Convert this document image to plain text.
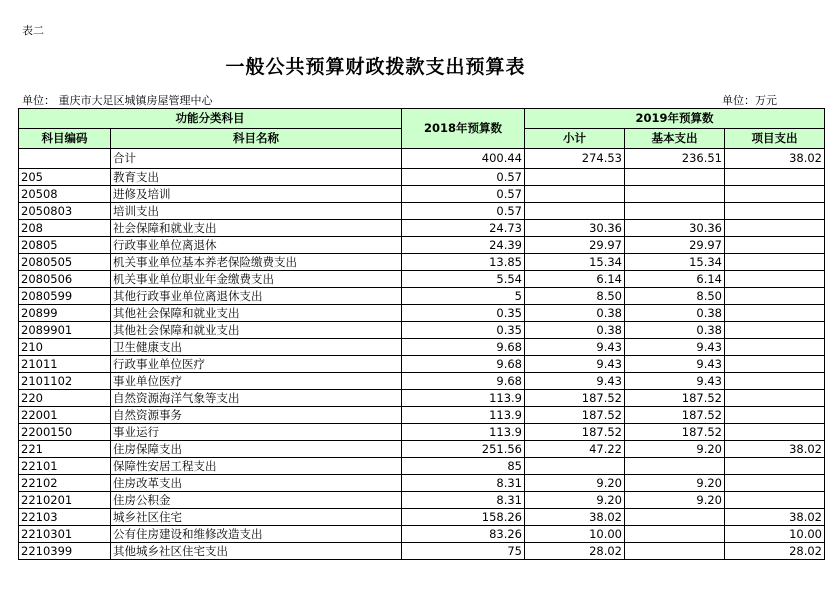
表二
一般公共预算财政拨款支出预算表
单位： 重庆市大足区城镇房屋管理中心	单位：万元
功能分类科目		2018年预算数	2019年预算数		
科目编码	科目名称		小计	基本支出	项目支出
	合计	400.44	274.53	236.51	38.02
205	教育支出	0.57			
20508	进修及培训	0.57			
2050803	培训支出	0.57			
208	社会保障和就业支出	24.73	30.36	30.36	
20805	行政事业单位离退休	24.39	29.97	29.97	
2080505	机关事业单位基本养老保险缴费支出	13.85	15.34	15.34	
2080506	机关事业单位职业年金缴费支出	5.54	6.14	6.14	
2080599	其他行政事业单位离退休支出	5	8.50	8.50	
20899	其他社会保障和就业支出	0.35	0.38	0.38	
2089901	其他社会保障和就业支出	0.35	0.38	0.38	
210	卫生健康支出	9.68	9.43	9.43	
21011	行政事业单位医疗	9.68	9.43	9.43	
2101102	事业单位医疗	9.68	9.43	9.43	
220	自然资源海洋气象等支出	113.9	187.52	187.52	
22001	自然资源事务	113.9	187.52	187.52	
2200150	事业运行	113.9	187.52	187.52	
221	住房保障支出	251.56	47.22	9.20	38.02
22101	保障性安居工程支出	85			
22102	住房改革支出	8.31	9.20	9.20	
2210201	住房公积金	8.31	9.20	9.20	
22103	城乡社区住宅	158.26	38.02		38.02
2210301	公有住房建设和维修改造支出	83.26	10.00		10.00
2210399	其他城乡社区住宅支出	75	28.02		28.02
